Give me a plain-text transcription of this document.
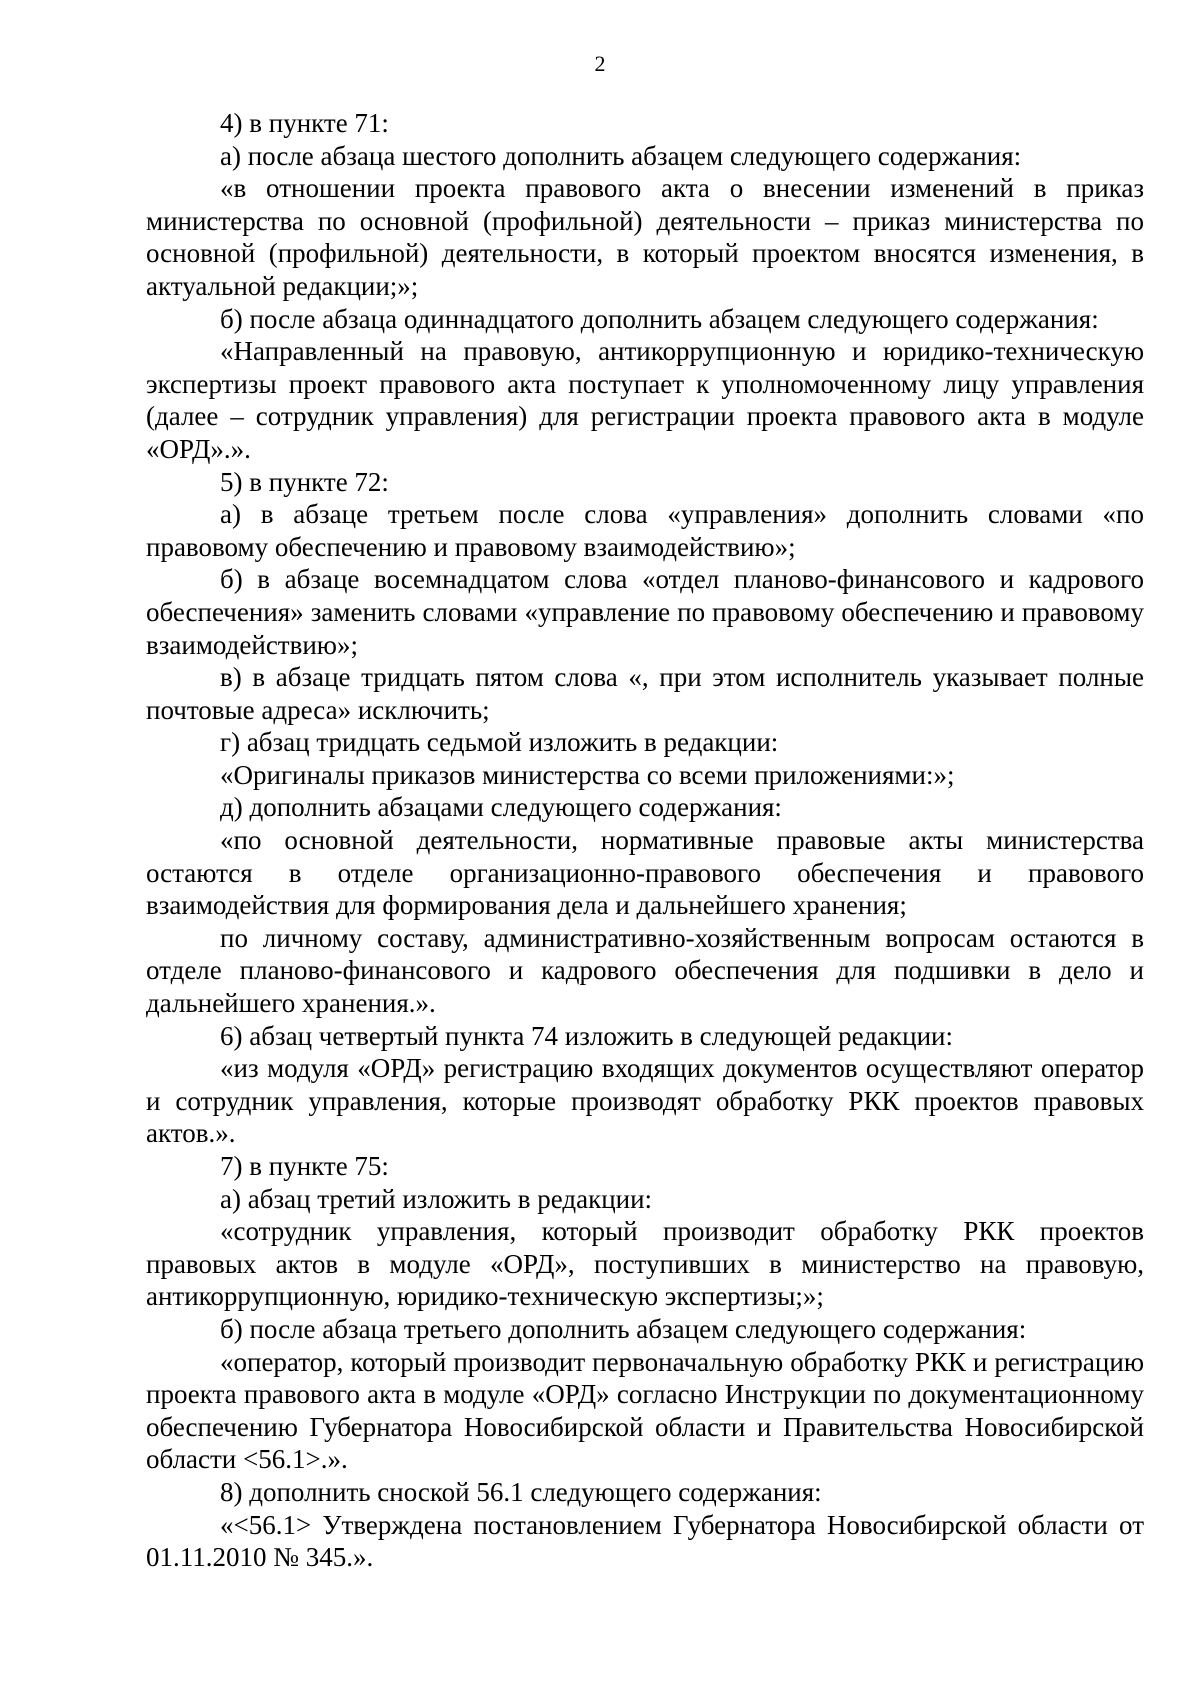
2

4) в пункте 71:

а) после абзаца шестого дополнить абзацем следующего содержания:

«в отношении проекта правового акта о внесении изменений в приказ министерства по основной (профильной) деятельности – приказ министерства по основной (профильной) деятельности, в который проектом вносятся изменения, в актуальной редакции;»;

б) после абзаца одиннадцатого дополнить абзацем следующего содержания:

«Направленный на правовую, антикоррупционную и юридико-техническую экспертизы проект правового акта поступает к уполномоченному лицу управления (далее – сотрудник управления) для регистрации проекта правового акта в модуле «ОРД».».

5) в пункте 72:

а) в абзаце третьем после слова «управления» дополнить словами «по правовому обеспечению и правовому взаимодействию»;

б) в абзаце восемнадцатом слова «отдел планово-финансового и кадрового обеспечения» заменить словами «управление по правовому обеспечению и правовому взаимодействию»;

в) в абзаце тридцать пятом слова «, при этом исполнитель указывает полные почтовые адреса» исключить;

г) абзац тридцать седьмой изложить в редакции:

«Оригиналы приказов министерства со всеми приложениями:»;

д) дополнить абзацами следующего содержания:

«по основной деятельности, нормативные правовые акты министерства остаются в отделе организационно-правового обеспечения и правового взаимодействия для формирования дела и дальнейшего хранения;

по личному составу, административно-хозяйственным вопросам остаются в отделе планово-финансового и кадрового обеспечения для подшивки в дело и дальнейшего хранения.».

6) абзац четвертый пункта 74 изложить в следующей редакции:

«из модуля «ОРД» регистрацию входящих документов осуществляют оператор и сотрудник управления, которые производят обработку РКК проектов правовых актов.».

7) в пункте 75:

а) абзац третий изложить в редакции:

«сотрудник управления, который производит обработку РКК проектов правовых актов в модуле «ОРД», поступивших в министерство на правовую, антикоррупционную, юридико-техническую экспертизы;»;

б) после абзаца третьего дополнить абзацем следующего содержания:

«оператор, который производит первоначальную обработку РКК и регистрацию проекта правового акта в модуле «ОРД» согласно Инструкции по документационному обеспечению Губернатора Новосибирской области и Правительства Новосибирской области <56.1>.».

8) дополнить сноской 56.1 следующего содержания:

«<56.1> Утверждена постановлением Губернатора Новосибирской области от 01.11.2010 № 345.».
